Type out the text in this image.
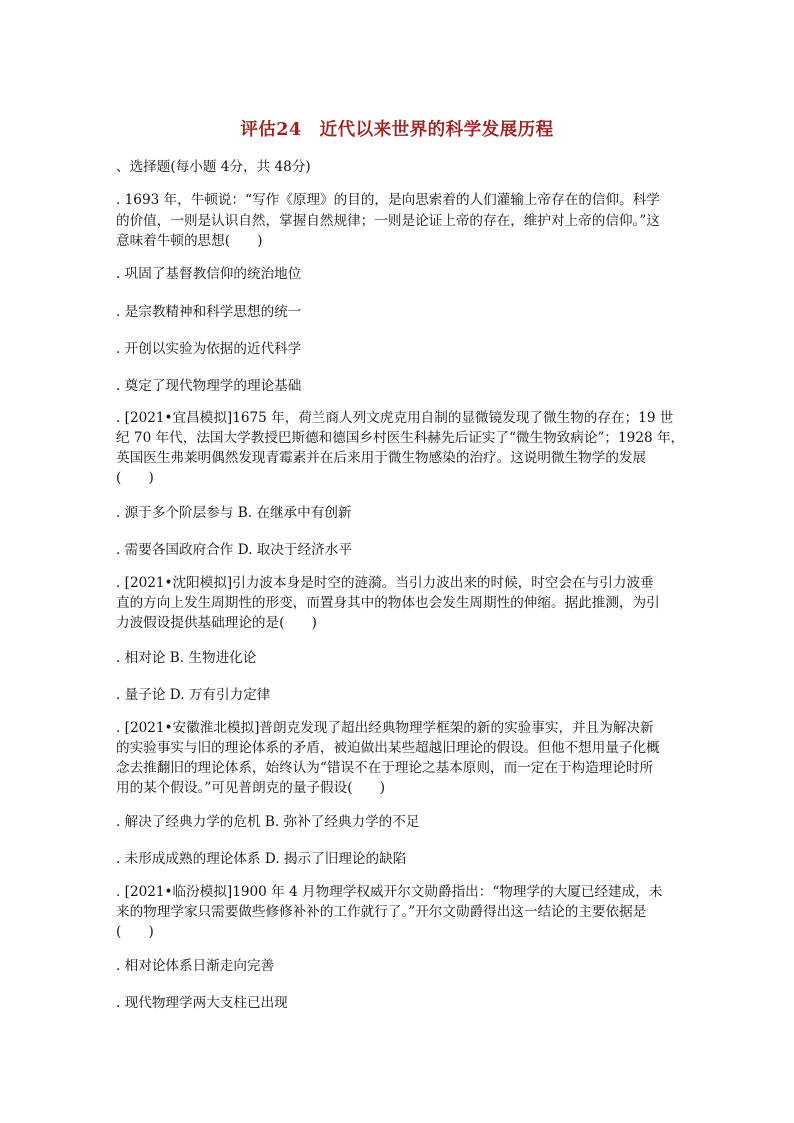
评估24　近代以来世界的科学发展历程
、选择题(每小题 4分，共 48分)
. 1693 年，牛顿说：“写作《原理》的目的，是向思索着的人们灌输上帝存在的信仰。科学
的价值，一则是认识自然，掌握自然规律；一则是论证上帝的存在，维护对上帝的信仰。”这
意味着牛顿的思想(　　)
. 巩固了基督教信仰的统治地位
. 是宗教精神和科学思想的统一
. 开创以实验为依据的近代科学
. 奠定了现代物理学的理论基础
. [2021•宜昌模拟]1675 年，荷兰商人列文虎克用自制的显微镜发现了微生物的存在；19 世
纪 70 年代，法国大学教授巴斯德和德国乡村医生科赫先后证实了“微生物致病论”；1928 年，
英国医生弗莱明偶然发现青霉素并在后来用于微生物感染的治疗。这说明微生物学的发展
(　　)
. 源于多个阶层参与 B. 在继承中有创新
. 需要各国政府合作 D. 取决于经济水平
. [2021•沈阳模拟]引力波本身是时空的涟漪。当引力波出来的时候，时空会在与引力波垂
直的方向上发生周期性的形变，而置身其中的物体也会发生周期性的伸缩。据此推测，为引
力波假设提供基础理论的是(　　)
. 相对论 B. 生物进化论
. 量子论 D. 万有引力定律
. [2021•安徽淮北模拟]普朗克发现了超出经典物理学框架的新的实验事实，并且为解决新
的实验事实与旧的理论体系的矛盾，被迫做出某些超越旧理论的假设。但他不想用量子化概
念去推翻旧的理论体系，始终认为“错误不在于理论之基本原则，而一定在于构造理论时所
用的某个假设。”可见普朗克的量子假设(　　)
. 解决了经典力学的危机 B. 弥补了经典力学的不足
. 未形成成熟的理论体系 D. 揭示了旧理论的缺陷
. [2021•临汾模拟]1900 年 4 月物理学权威开尔文勋爵指出：“物理学的大厦已经建成，未
来的物理学家只需要做些修修补补的工作就行了。”开尔文勋爵得出这一结论的主要依据是
(　　)
. 相对论体系日渐走向完善
. 现代物理学两大支柱已出现
